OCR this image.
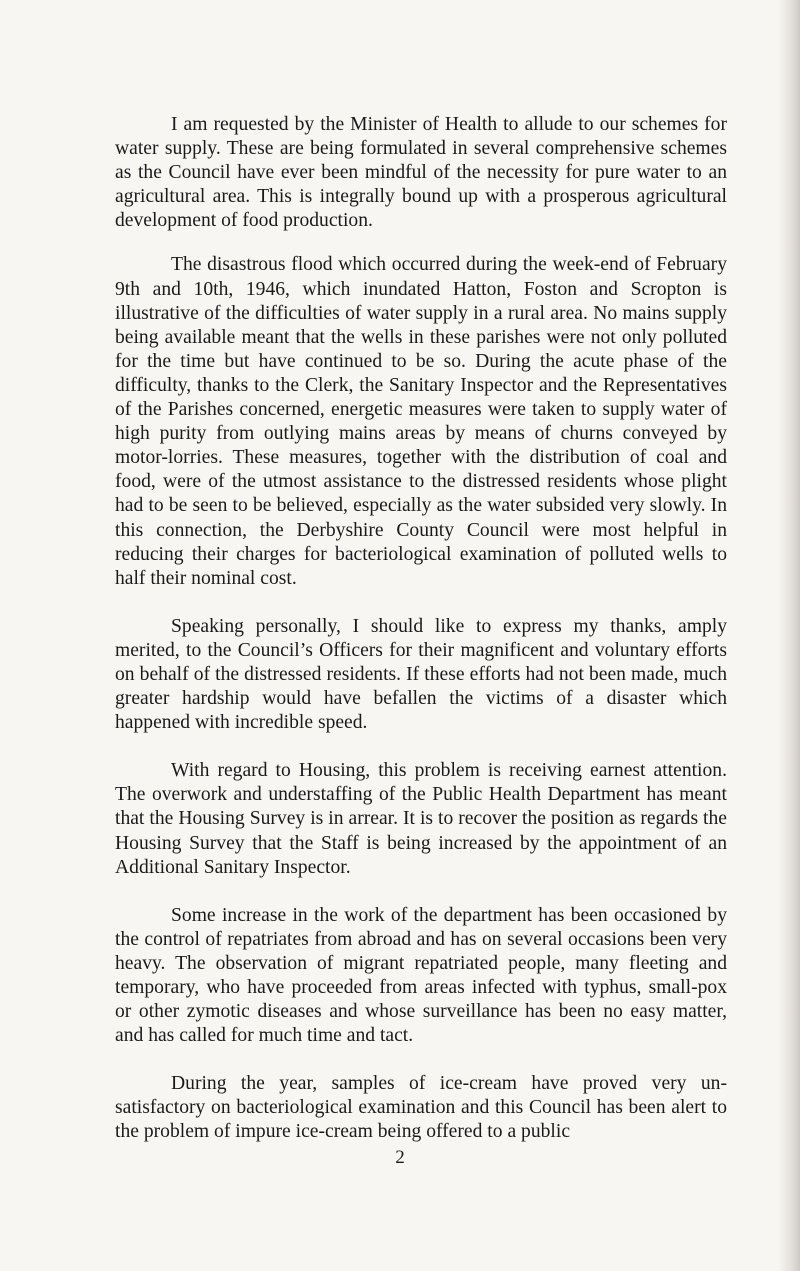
I am requested by the Minister of Health to allude to our schemes for water supply. These are being formulated in several comprehensive schemes as the Council have ever been mindful of the necessity for pure water to an agricultural area. This is integrally bound up with a prosperous agricultural development of food production.

The disastrous flood which occurred during the week-end of February 9th and 10th, 1946, which inundated Hatton, Foston and Scropton is illustrative of the difficulties of water supply in a rural area. No mains supply being available meant that the wells in these parishes were not only polluted for the time but have continued to be so. During the acute phase of the difficulty, thanks to the Clerk, the Sanitary Inspector and the Representatives of the Parishes concerned, energetic measures were taken to supply water of high purity from outlying mains areas by means of churns conveyed by motor-lorries. These measures, together with the distribution of coal and food, were of the utmost assistance to the distressed residents whose plight had to be seen to be believed, especially as the water subsided very slowly. In this connection, the Derbyshire County Council were most helpful in reducing their charges for bacteriological examination of polluted wells to half their nominal cost.

Speaking personally, I should like to express my thanks, amply merited, to the Council’s Officers for their magnificent and voluntary efforts on behalf of the distressed residents. If these efforts had not been made, much greater hardship would have befallen the victims of a disaster which happened with incredible speed.

With regard to Housing, this problem is receiving earnest attention. The overwork and understaffing of the Public Health Department has meant that the Housing Survey is in arrear. It is to recover the position as regards the Housing Survey that the Staff is being increased by the appointment of an Additional Sanitary Inspector.

Some increase in the work of the department has been occasioned by the control of repatriates from abroad and has on several occasions been very heavy. The observation of migrant repatriated people, many fleeting and temporary, who have proceeded from areas infected with typhus, small-pox or other zymotic diseases and whose surveillance has been no easy matter, and has called for much time and tact.

During the year, samples of ice-cream have proved very un-satisfactory on bacteriological examination and this Council has been alert to the problem of impure ice-cream being offered to a public

2
